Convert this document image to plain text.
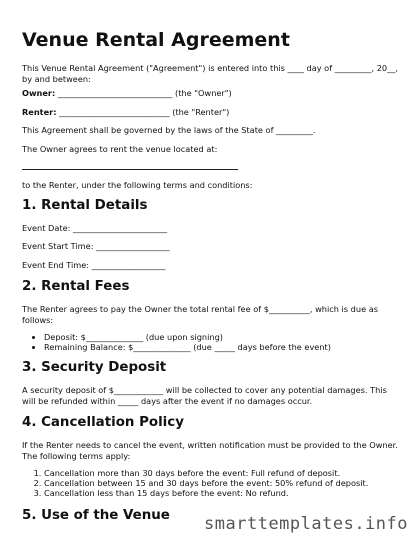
Venue Rental Agreement

This Venue Rental Agreement ("Agreement") is entered into this ____ day of _________, 20__, by and between:

Owner: ____________________________ (the "Owner")

Renter: ___________________________ (the "Renter")

This Agreement shall be governed by the laws of the State of _________.

The Owner agrees to rent the venue located at:

to the Renter, under the following terms and conditions:

1. Rental Details

Event Date: _______________________

Event Start Time: __________________

Event End Time: __________________

2. Rental Fees

The Renter agrees to pay the Owner the total rental fee of $__________, which is due as follows:

• Deposit: $______________ (due upon signing)
• Remaining Balance: $______________ (due _____ days before the event)
3. Security Deposit

A security deposit of $____________ will be collected to cover any potential damages. This will be refunded within _____ days after the event if no damages occur.

4. Cancellation Policy

If the Renter needs to cancel the event, written notification must be provided to the Owner. The following terms apply:

1. Cancellation more than 30 days before the event: Full refund of deposit.
2. Cancellation between 15 and 30 days before the event: 50% refund of deposit.
3. Cancellation less than 15 days before the event: No refund.
5. Use of the Venue smarttemplates.info
